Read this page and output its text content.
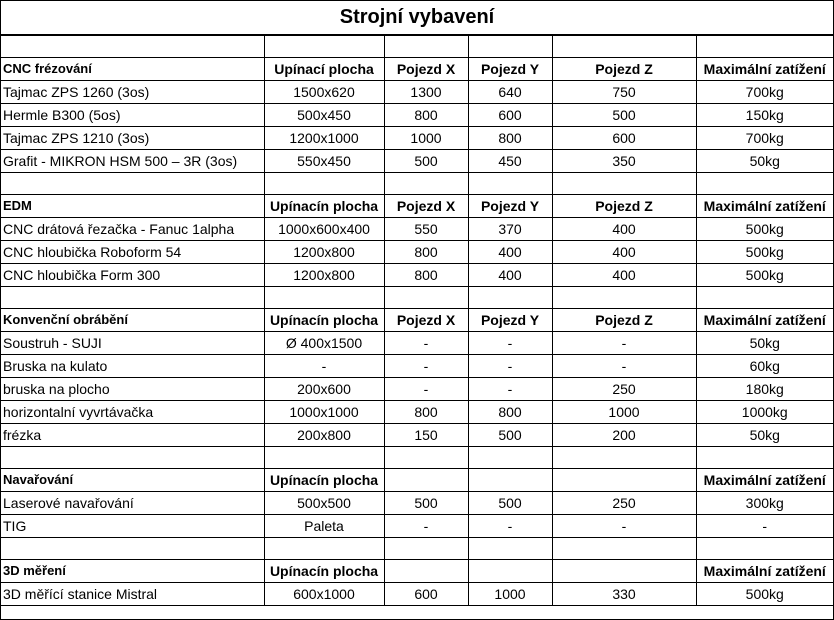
Strojní vybavení

CNC frézování	Upínací plocha	Pojezd X	Pojezd Y	Pojezd Z	Maximální zatížení
Tajmac ZPS 1260 (3os)	1500x620	1300	640	750	700kg
Hermle B300 (5os)	500x450	800	600	500	150kg
Tajmac ZPS 1210 (3os)	1200x1000	1000	800	600	700kg
Grafit - MIKRON HSM 500 – 3R (3os)	550x450	500	450	350	50kg

EDM	Upínacín plocha	Pojezd X	Pojezd Y	Pojezd Z	Maximální zatížení
CNC drátová řezačka - Fanuc 1alpha	1000x600x400	550	370	400	500kg
CNC hloubička Roboform 54	1200x800	800	400	400	500kg
CNC hloubička Form 300	1200x800	800	400	400	500kg

Konvenční obrábění	Upínacín plocha	Pojezd X	Pojezd Y	Pojezd Z	Maximální zatížení
Soustruh - SUJI	Ø 400x1500	-	-	-	50kg
Bruska na kulato	-	-	-	-	60kg
bruska na plocho	200x600	-	-	250	180kg
horizontalní vyvrtávačka	1000x1000	800	800	1000	1000kg
frézka	200x800	150	500	200	50kg

Navařování	Upínacín plocha				Maximální zatížení
Laserové navařování	500x500	500	500	250	300kg
TIG	Paleta	-	-	-	-

3D měření	Upínacín plocha				Maximální zatížení
3D měřící stanice Mistral	600x1000	600	1000	330	500kg
